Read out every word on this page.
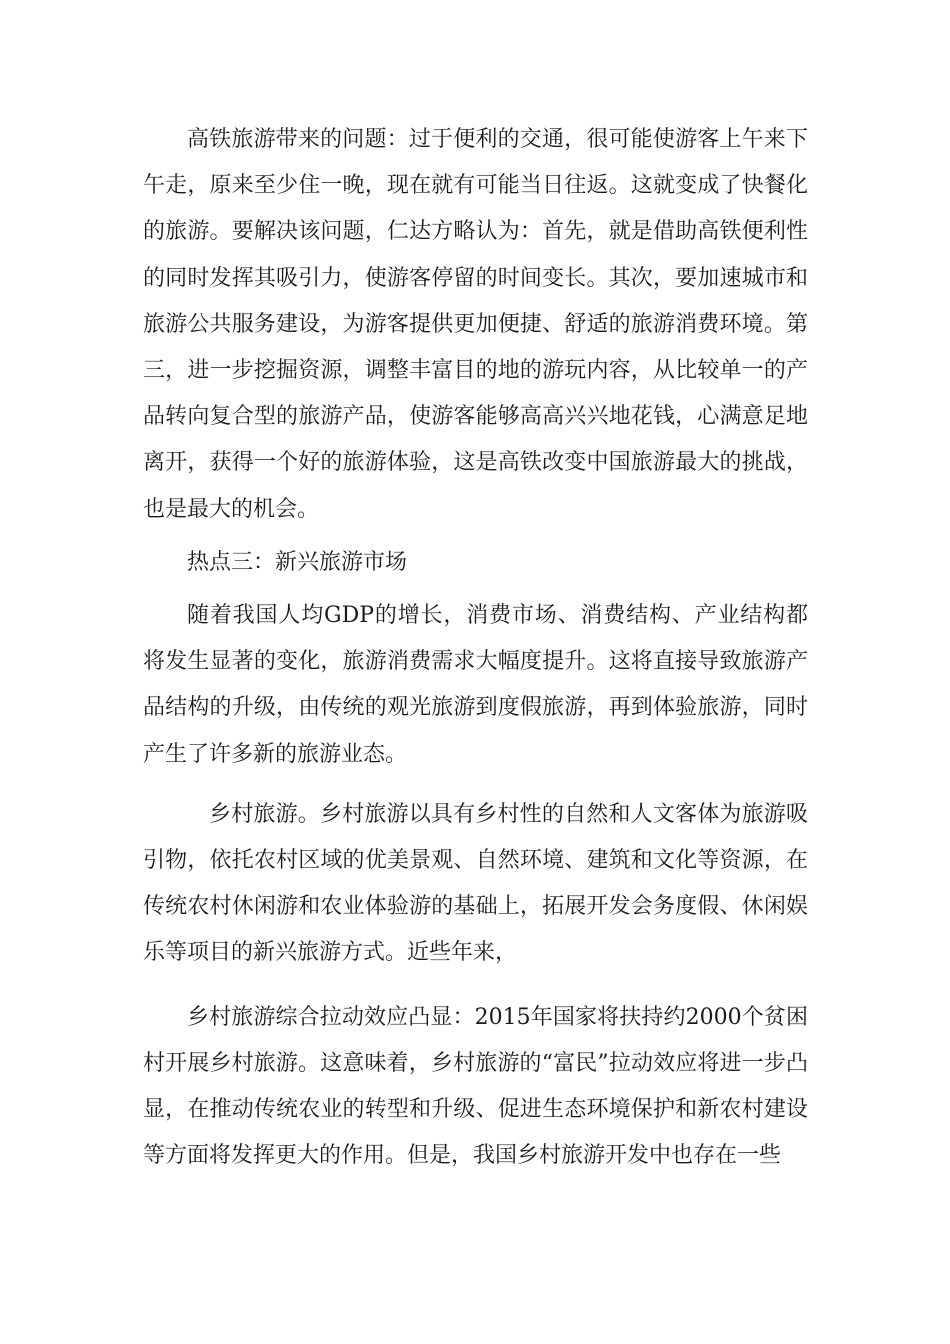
高铁旅游带来的问题：过于便利的交通，很可能使游客上午来下午走，原来至少住一晚，现在就有可能当日往返。这就变成了快餐化的旅游。要解决该问题，仁达方略认为：首先，就是借助高铁便利性的同时发挥其吸引力，使游客停留的时间变长。其次，要加速城市和旅游公共服务建设，为游客提供更加便捷、舒适的旅游消费环境。第三，进一步挖掘资源，调整丰富目的地的游玩内容，从比较单一的产品转向复合型的旅游产品，使游客能够高高兴兴地花钱，心满意足地离开，获得一个好的旅游体验，这是高铁改变中国旅游最大的挑战，也是最大的机会。

热点三：新兴旅游市场

随着我国人均GDP的增长，消费市场、消费结构、产业结构都将发生显著的变化，旅游消费需求大幅度提升。这将直接导致旅游产品结构的升级，由传统的观光旅游到度假旅游，再到体验旅游，同时产生了许多新的旅游业态。

乡村旅游。乡村旅游以具有乡村性的自然和人文客体为旅游吸引物，依托农村区域的优美景观、自然环境、建筑和文化等资源，在传统农村休闲游和农业体验游的基础上，拓展开发会务度假、休闲娱乐等项目的新兴旅游方式。近些年来，

乡村旅游综合拉动效应凸显：2015年国家将扶持约2000个贫困村开展乡村旅游。这意味着，乡村旅游的“富民”拉动效应将进一步凸显，在推动传统农业的转型和升级、促进生态环境保护和新农村建设等方面将发挥更大的作用。但是，我国乡村旅游开发中也存在一些
